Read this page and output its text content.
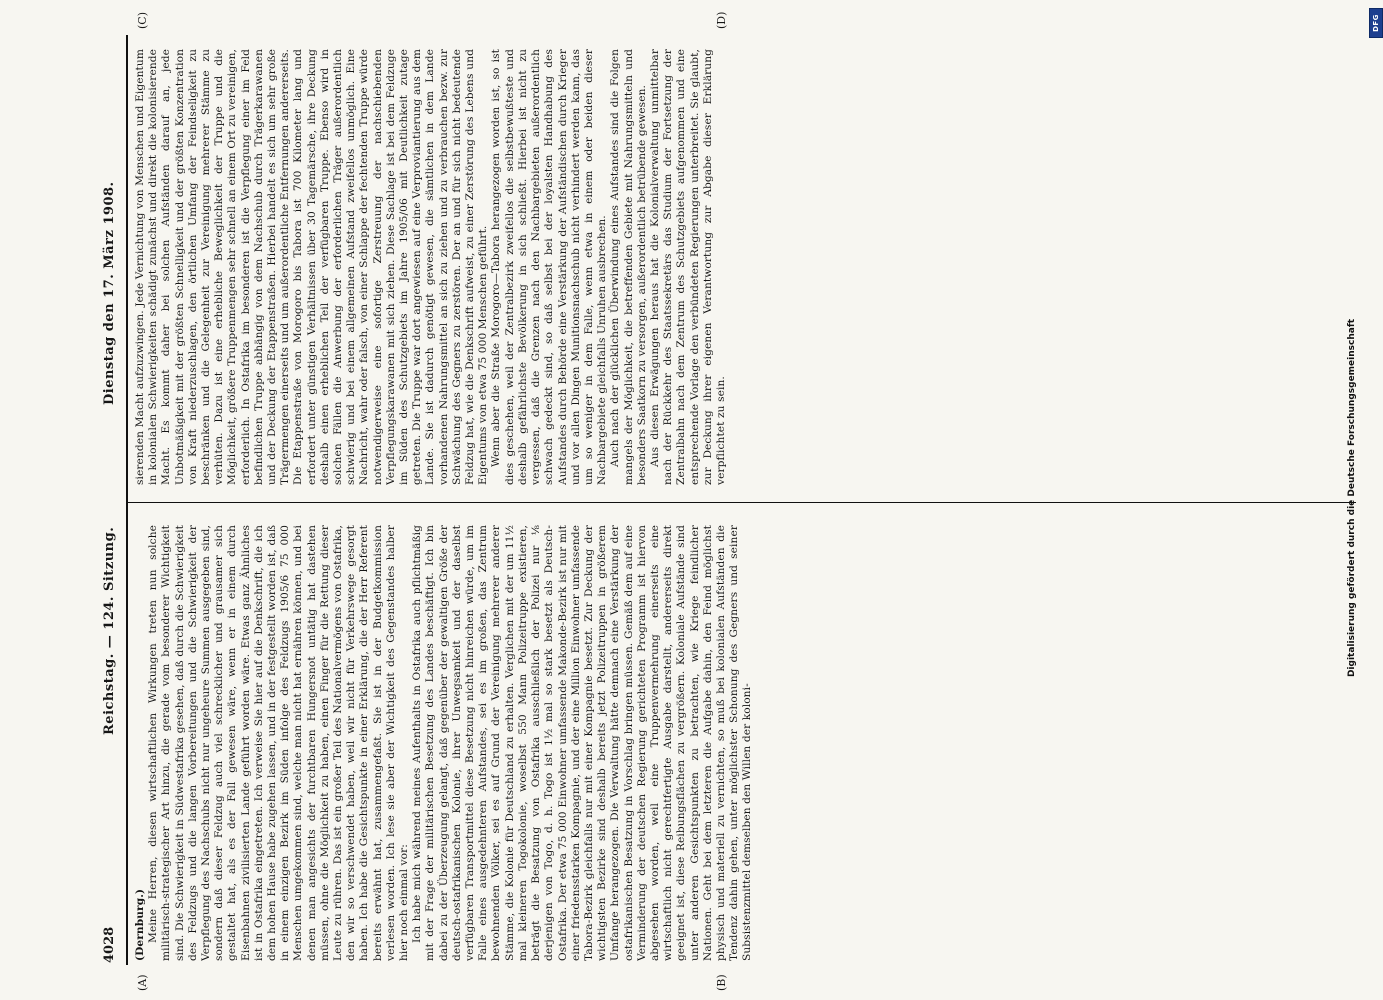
4028
Reichstag. — 124. Sitzung.
Dienstag den 17. März 1908.
(A)	(B)
(C)	(D)

(Dernburg.) Meine Herren, diesen wirtschaftlichen Wirkungen treten nun solche militärisch-strategischer Art hinzu, die gerade vom besonderer Wichtigkeit sind. Die Schwierigkeit in Südwestafrika gesehen, daß durch die Schwierigkeit des Feldzugs und die langen Vorbereitungen und die Schwierigkeit der Verpflegung des Nachschubs nicht nur ungeheure Summen ausgegeben sind, sondern daß dieser Feldzug auch viel schrecklicher und grausamer sich gestaltet hat, als es der Fall gewesen wäre, wenn er in einem durch Eisenbahnen zivilisierten Lande geführt worden wäre. Etwas ganz Ähnliches ist in Ostafrika eingetreten. Ich verweise Sie hier auf die Denkschrift, die ich dem hohen Hause habe zugehen lassen, und in der festgestellt worden ist, daß in einem einzigen Bezirk im Süden infolge des Feldzugs 1905/6 75 000 Menschen umgekommen sind, welche man nicht hat ernähren können, und bei denen man angesichts der furchtbaren Hungersnot untätig hat dastehen müssen, ohne die Möglichkeit zu haben, einen Finger für die Rettung dieser Leute zu rühren. Das ist ein großer Teil des Nationalvermögens von Ostafrika, den wir so verschwendet haben, weil wir nicht für Verkehrswege gesorgt haben. Ich habe die Gesichtspunkte in einer Erklärung, die der Herr Referent bereits erwähnt hat, zusammengefaßt. Sie ist in der Budgetkommission verlesen worden. Ich lese sie aber der Wichtigkeit des Gegenstandes halber hier noch einmal vor: Ich habe mich während meines Aufenthalts in Ostafrika auch pflichtmäßig mit der Frage der militärischen Besetzung des Landes beschäftigt. Ich bin dabei zu der Überzeugung gelangt, daß gegenüber der gewaltigen Größe der deutsch-ostafrikanischen Kolonie, ihrer Unwegsamkeit und der daselbst verfügbaren Transportmittel diese Besetzung nicht hinreichen würde, um im Falle eines ausgedehnteren Aufstandes, sei es im großen, das Zentrum bewohnenden Völker, sei es auf Grund der Vereinigung mehrerer anderer Stämme, die Kolonie für Deutschland zu erhalten. Verglichen mit der um 11½ mal kleineren Togokolonie, woselbst 550 Mann Polizeitruppe existieren, beträgt die Besatzung von Ostafrika ausschließlich der Polizei nur ⅛ derjenigen von Togo, d. h. Togo ist 1½ mal so stark besetzt als Deutsch-Ostafrika. Der etwa 75 000 Einwohner umfassende Makonde-Bezirk ist nur mit einer friedensstarken Kompagnie, und der eine Million Einwohner umfassende Tabora-Bezirk gleichfalls nur mit einer Kompagnie besetzt. Zur Deckung der wichtigsten Bezirke sind deshalb bereits jetzt Polizeitruppen in größerem Umfange herangezogen. Die Verwaltung hätte demnach eine Verstärkung der ostafrikanischen Besatzung in Vorschlag bringen müssen. Gemäß dem auf eine Verminderung der deutschen Regierung gerichteten Programm ist hiervon abgesehen worden, weil eine Truppenvermehrung einerseits eine wirtschaftlich nicht gerechtfertigte Ausgabe darstellt, andererseits direkt geeignet ist, diese Reibungsflächen zu vergrößern. Koloniale Aufstände sind unter anderen Gesichtspunkten zu betrachten, wie Kriege feindlicher Nationen. Geht bei dem letzteren die Aufgabe dahin, den Feind möglichst physisch und materiell zu vernichten, so muß bei kolonialen Aufständen die Tendenz dahin gehen, unter möglichster Schonung des Gegners und seiner Subsistenzmittel demselben den Willen der koloni-

sierenden Macht aufzuzwingen. Jede Vernichtung von Menschen und Eigentum in kolonialen Schwierigkeiten schädigt zunächst und direkt die kolonisierende Macht. Es kommt daher bei solchen Aufständen darauf an, jede Unbotmäßigkeit mit der größten Schnelligkeit und der größten Konzentration von Kraft niederzuschlagen, den örtlichen Umfang der Feindseligkeit zu beschränken und die Gelegenheit zur Vereinigung mehrerer Stämme zu verhüten. Dazu ist eine erhebliche Beweglichkeit der Truppe und die Möglichkeit, größere Truppenmengen sehr schnell an einem Ort zu vereinigen, erforderlich. In Ostafrika im besonderen ist die Verpflegung einer im Feld befindlichen Truppe abhängig von dem Nachschub durch Trägerkarawanen und der Deckung der Etappenstraßen. Hierbei handelt es sich um sehr große Trägermengen einerseits und um außerordentliche Entfernungen andererseits. Die Etappenstraße von Morogoro bis Tabora ist 700 Kilometer lang und erfordert unter günstigen Verhältnissen über 30 Tagemärsche, ihre Deckung deshalb einen erheblichen Teil der verfügbaren Truppe. Ebenso wird in solchen Fällen die Anwerbung der erforderlichen Träger außerordentlich schwierig und bei einem allgemeinen Aufstand zweifellos unmöglich. Eine Nachricht, wahr oder falsch, von einer Schlappe der fechtenden Truppe würde notwendigerweise eine sofortige Zerstreuung der nachschiebenden Verpflegungskarawanen mit sich ziehen. Diese Sachlage ist bei dem Feldzuge im Süden des Schutzgebiets im Jahre 1905/06 mit Deutlichkeit zutage getreten. Die Truppe war dort angewiesen auf eine Verproviantierung aus dem Lande. Sie ist dadurch genötigt gewesen, die sämtlichen in dem Lande vorhandenen Nahrungsmittel an sich zu ziehen und zu verbrauchen bezw. zur Schwächung des Gegners zu zerstören. Der an und für sich nicht bedeutende Feldzug hat, wie die Denkschrift aufweist, zu einer Zerstörung des Lebens und Eigentums von etwa 75 000 Menschen geführt. Wenn aber die Straße Morogoro—Tabora herangezogen worden ist, so ist dies geschehen, weil der Zentralbezirk zweifellos die selbstbewußteste und deshalb gefährlichste Bevölkerung in sich schließt. Hierbei ist nicht zu vergessen, daß die Grenzen nach den Nachbargebieten außerordentlich schwach gedeckt sind, so daß selbst bei der loyalsten Handhabung des Aufstandes durch Behörde eine Verstärkung der Aufständischen durch Krieger und vor allen Dingen Munitionsnachschub nicht verhindert werden kann, das um so weniger in dem Falle, wenn etwa in einem oder beiden dieser Nachbargebiete gleichfalls Unruhen ausbrechen. Auch nach der glücklichen Überwindung eines Aufstandes sind die Folgen mangels der Möglichkeit, die betreffenden Gebiete mit Nahrungsmitteln und besonders Saatkorn zu versorgen, außerordentlich betrübende gewesen. Aus diesen Erwägungen heraus hat die Kolonialverwaltung unmittelbar nach der Rückkehr des Staatssekretärs das Studium der Fortsetzung der Zentralbahn nach dem Zentrum des Schutzgebiets aufgenommen und eine entsprechende Vorlage den verbündeten Regierungen unterbreitet. Sie glaubt, zur Deckung ihrer eigenen Verantwortung zur Abgabe dieser Erklärung verpflichtet zu sein.

DFG
Digitalisierung gefördert durch die Deutsche Forschungsgemeinschaft
